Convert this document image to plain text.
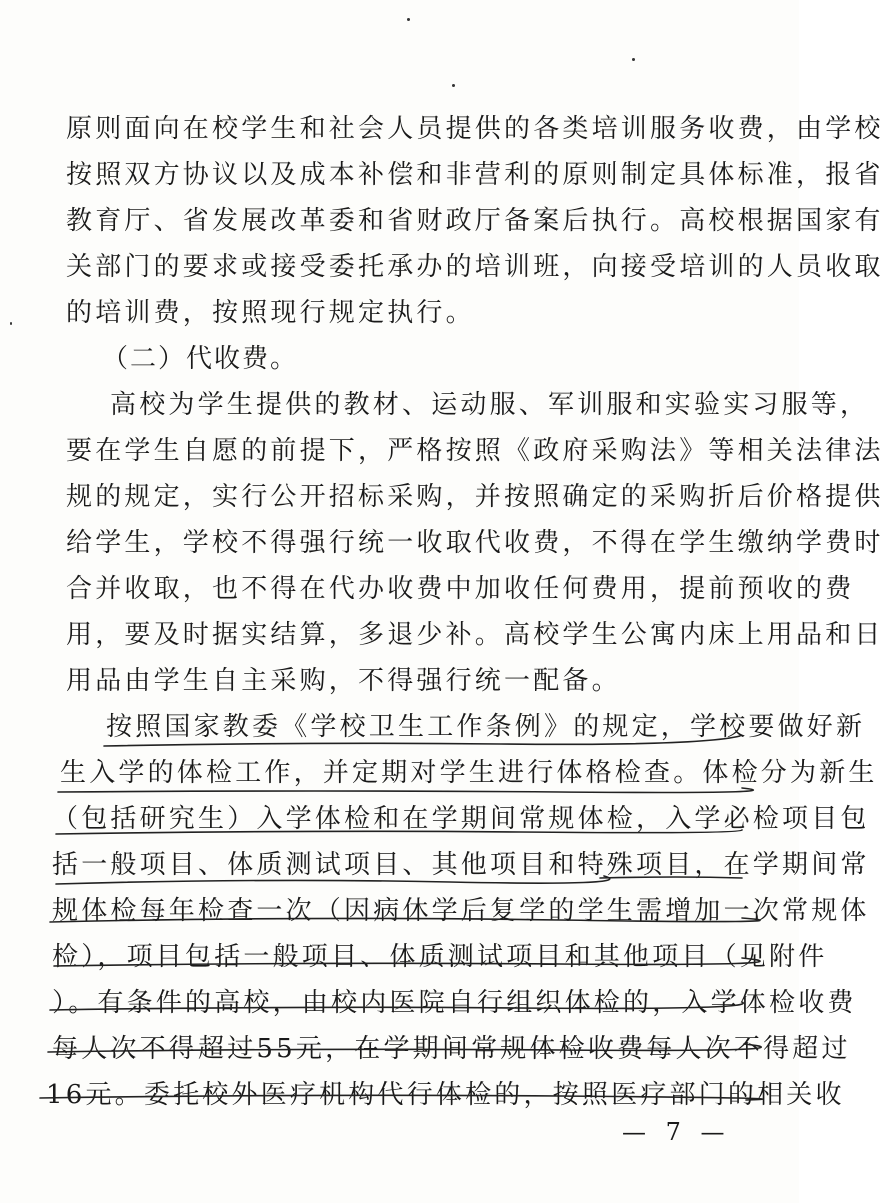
原则面向在校学生和社会人员提供的各类培训服务收费，由学校
按照双方协议以及成本补偿和非营利的原则制定具体标准，报省
教育厅、省发展改革委和省财政厅备案后执行。高校根据国家有
关部门的要求或接受委托承办的培训班，向接受培训的人员收取
的培训费，按照现行规定执行。
（二）代收费。
高校为学生提供的教材、运动服、军训服和实验实习服等，
要在学生自愿的前提下，严格按照《政府采购法》等相关法律法
规的规定，实行公开招标采购，并按照确定的采购折后价格提供
给学生，学校不得强行统一收取代收费，不得在学生缴纳学费时
合并收取，也不得在代办收费中加收任何费用，提前预收的费
用，要及时据实结算，多退少补。高校学生公寓内床上用品和日
用品由学生自主采购，不得强行统一配备。
按照国家教委《学校卫生工作条例》的规定，学校要做好新
生入学的体检工作，并定期对学生进行体格检查。体检分为新生
（包括研究生）入学体检和在学期间常规体检，入学必检项目包
括一般项目、体质测试项目、其他项目和特殊项目，在学期间常
规体检每年检查一次（因病休学后复学的学生需增加一次常规体
检），项目包括一般项目、体质测试项目和其他项目（见附件
）。有条件的高校，由校内医院自行组织体检的，入学体检收费
每人次不得超过55元，在学期间常规体检收费每人次不得超过
16元。委托校外医疗机构代行体检的，按照医疗部门的相关收
— 7 —
